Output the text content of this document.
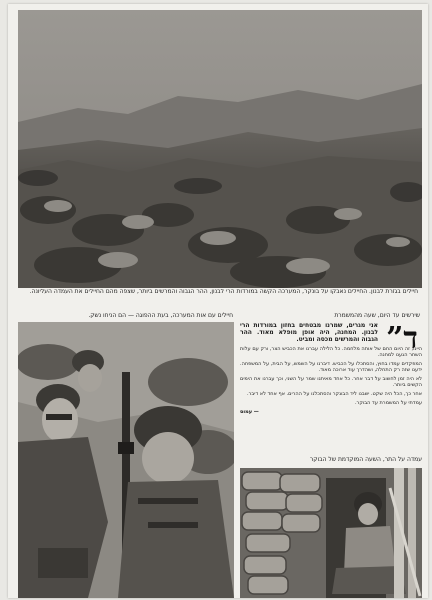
חיילים בגזרת לבנון. החיילים נאבקו על בונקר, המערכה הקשה במורדות הרי לבנון, ההר הגבוה והמרשים ביותר, שצפה מהם החיילים את העמדה העליונה.
חיילים עם אות המערכה, בעת ההפוגה — הם הניחו נשק.	שירשים עד היום, שעה מהמשמרת
”ד

אני מגרים, שמרנו מבטחים בחזון במורדות הרי לבנון. המחנה, היה אופן מופלא מאוד. ההר הגבוה והמרשים מכסה ומביט.

היינו, זה היום החם של אותה מלחמה. כל הלילה עברנו את הכביש הצר, ורק עם עלות השחר הגענו למחנה.

המפקדים עמדו בחוץ, והסתכלו על הכביש. דיברנו על השמש, על הבית, על המשפחה. ידענו שזה רק התחלה, ושהדרך עוד ארוכה מאוד.

לא היה זמן לחשוב על דבר אחר. כל אחד מאיתנו שמר על השני, וכך עברנו את הימים הקשים ביותר.

אחר כך, הכל היה שקט. ישבנו ליד הבונקר והסתכלנו על ההרים. אף אחד לא דיבר.

עמדתי על המשמרת עד הבוקר.

— עמוס

עמדה על התר, השעה המוקדמת של הבוקר
